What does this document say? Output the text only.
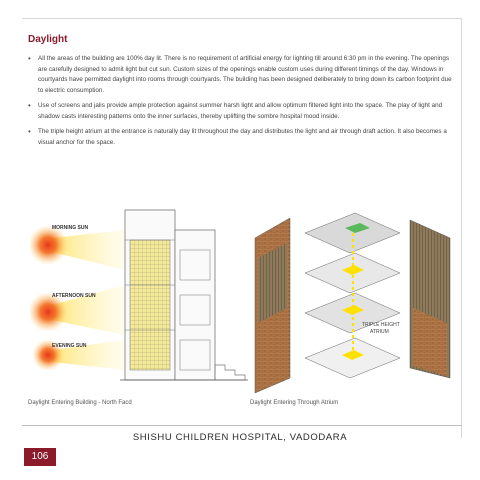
Daylight
• All the areas of the building are 100% day lit. There is no requirement of artificial energy for lighting till around 6:30 pm in the evening. The openings are carefully designed to admit light but cut sun. Custom sizes of the openings enable custom uses during different timings of the day. Windows in courtyards have permitted daylight into rooms through courtyards. The building has been designed deliberately to bring down its carbon footprint due to electric consumption.
• Use of screens and jalis provide ample protection against summer harsh light and allow optimum filtered light into the space. The play of light and shadow casts interesting patterns onto the inner surfaces, thereby uplifting the sombre hospital mood inside.
• The triple height atrium at the entrance is naturally day lit throughout the day and distributes the light and air through draft action. It also becomes a visual anchor for the space.
MORNING SUN
AFTERNOON SUN
EVENING SUN
TRIPLE HEIGHT
ATRIUM
Daylight Entering Building - North Facd	Daylight Entering Through Atrium
SHISHU CHILDREN HOSPITAL, VADODARA
106
